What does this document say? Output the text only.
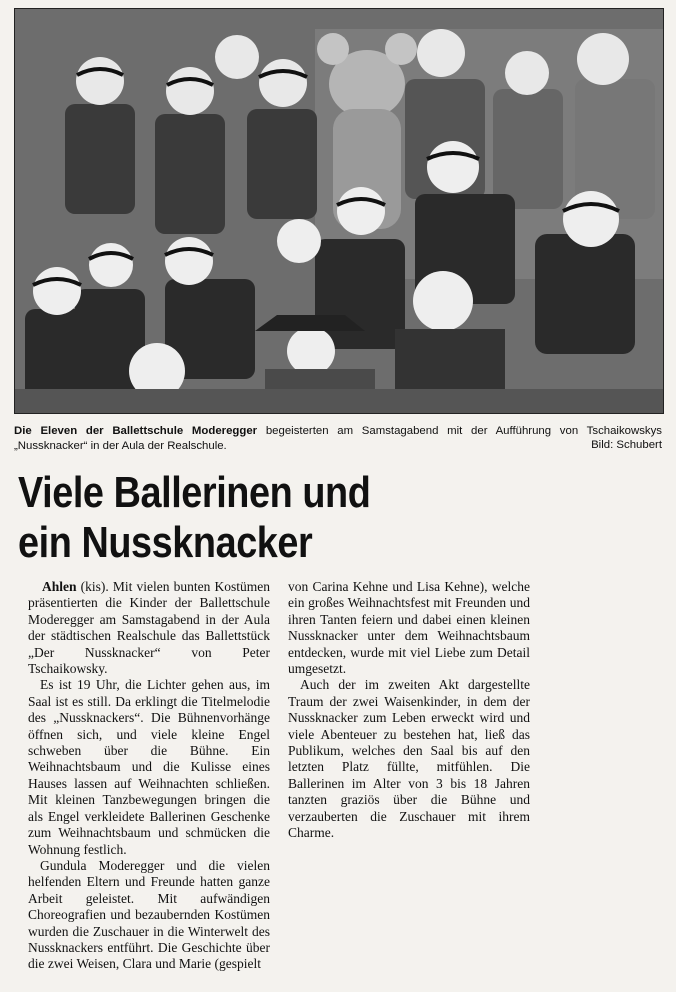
Die Eleven der Ballettschule Moderegger begeisterten am Samstagabend mit der Aufführung von Tschaikowskys „Nussknacker“ in der Aula der Realschule.	Bild: Schubert
Viele Ballerinen und
ein Nussknacker

Ahlen (kis). Mit vielen bunten Kostümen präsentierten die Kinder der Ballettschule Moderegger am Samstagabend in der Aula der städtischen Realschule das Ballettstück „Der Nussknacker“ von Peter Tschaikowsky.

Es ist 19 Uhr, die Lichter gehen aus, im Saal ist es still. Da erklingt die Titelmelodie des „Nussknackers“. Die Bühnenvorhänge öffnen sich, und viele kleine Engel schweben über die Bühne. Ein Weihnachtsbaum und die Kulisse eines Hauses lassen auf Weihnachten schließen. Mit kleinen Tanzbewegungen bringen die als Engel verkleidete Ballerinen Geschenke zum Weihnachtsbaum und schmücken die Wohnung festlich.

Gundula Moderegger und die vielen helfenden Eltern und Freunde hatten ganze Arbeit geleistet. Mit aufwändigen Choreografien und bezaubernden Kostümen wurden die Zuschauer in die Winterwelt des Nussknackers entführt. Die Geschichte über die zwei Weisen, Clara und Marie (gespielt

von Carina Kehne und Lisa Kehne), welche ein großes Weihnachtsfest mit Freunden und ihren Tanten feiern und dabei einen kleinen Nussknacker unter dem Weihnachtsbaum entdecken, wurde mit viel Liebe zum Detail umgesetzt.

Auch der im zweiten Akt dargestellte Traum der zwei Waisenkinder, in dem der Nussknacker zum Leben erweckt wird und viele Abenteuer zu bestehen hat, ließ das Publikum, welches den Saal bis auf den letzten Platz füllte, mitfühlen. Die Ballerinen im Alter von 3 bis 18 Jahren tanzten graziös über die Bühne und verzauberten die Zuschauer mit ihrem Charme.
